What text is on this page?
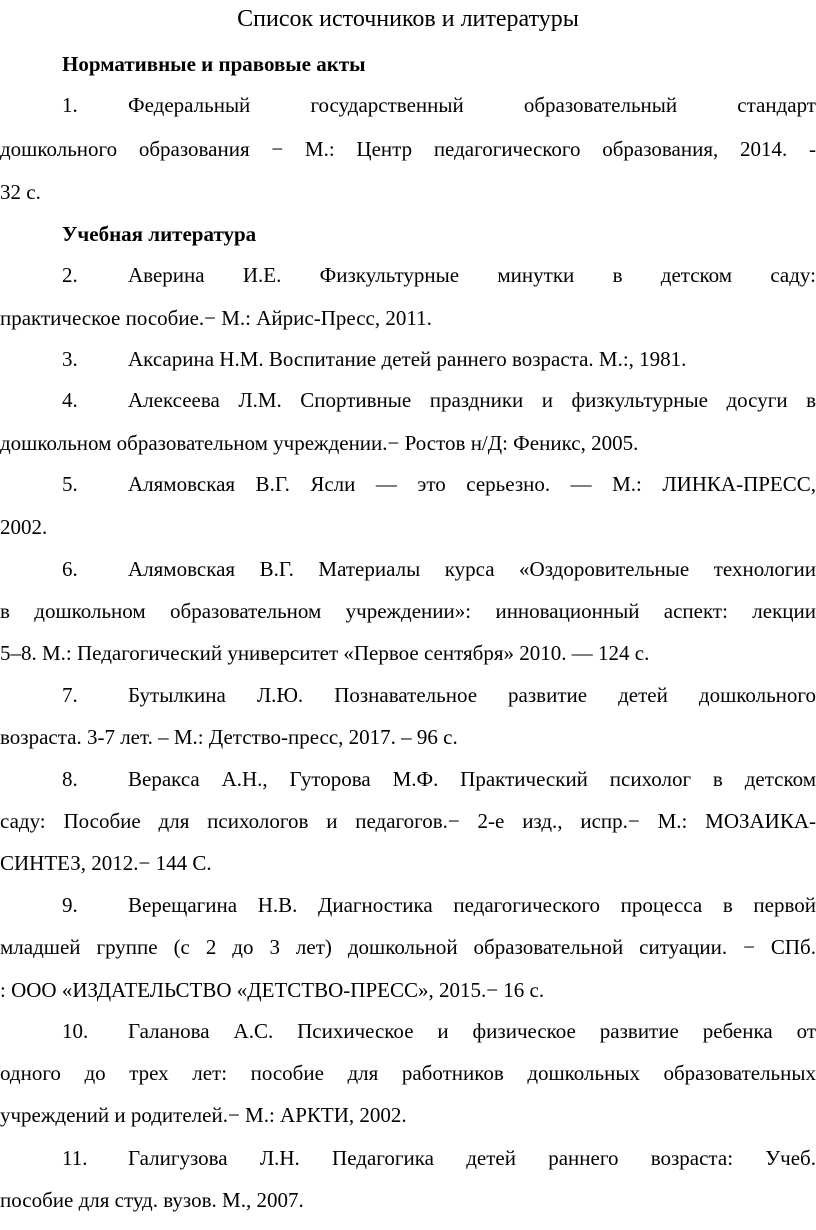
Список источников и литературы
Нормативные и правовые акты
1. Федеральный государственный образовательный стандарт
дошкольного образования − М.: Центр педагогического образования, 2014. -
32 с.
Учебная литература
2. Аверина И.Е. Физкультурные минутки в детском саду:
практическое пособие.− М.: Айрис-Пресс, 2011.
3. Аксарина Н.М. Воспитание детей раннего возраста. М.:, 1981.
4. Алексеева Л.М. Спортивные праздники и физкультурные досуги в
дошкольном образовательном учреждении.− Ростов н/Д: Феникс, 2005.
5. Алямовская В.Г. Ясли — это серьезно. — М.: ЛИНКА-ПРЕСС,
2002.
6. Алямовская В.Г. Материалы курса «Оздоровительные технологии
в дошкольном образовательном учреждении»: инновационный аспект: лекции
5–8. М.: Педагогический университет «Первое сентября» 2010. — 124 с.
7. Бутылкина Л.Ю. Познавательное развитие детей дошкольного
возраста. 3-7 лет. – М.: Детство-пресс, 2017. – 96 с.
8. Веракса А.Н., Гуторова М.Ф. Практический психолог в детском
саду: Пособие для психологов и педагогов.− 2-е изд., испр.− М.: МОЗАИКА-
СИНТЕЗ, 2012.− 144 С.
9. Верещагина Н.В. Диагностика педагогического процесса в первой
младшей группе (с 2 до 3 лет) дошкольной образовательной ситуации. − СПб.
: ООО «ИЗДАТЕЛЬСТВО «ДЕТСТВО-ПРЕСС», 2015.− 16 с.
10. Галанова А.С. Психическое и физическое развитие ребенка от
одного до трех лет: пособие для работников дошкольных образовательных
учреждений и родителей.− М.: АРКТИ, 2002.
11. Галигузова Л.Н. Педагогика детей раннего возраста: Учеб.
пособие для студ. вузов. М., 2007.
